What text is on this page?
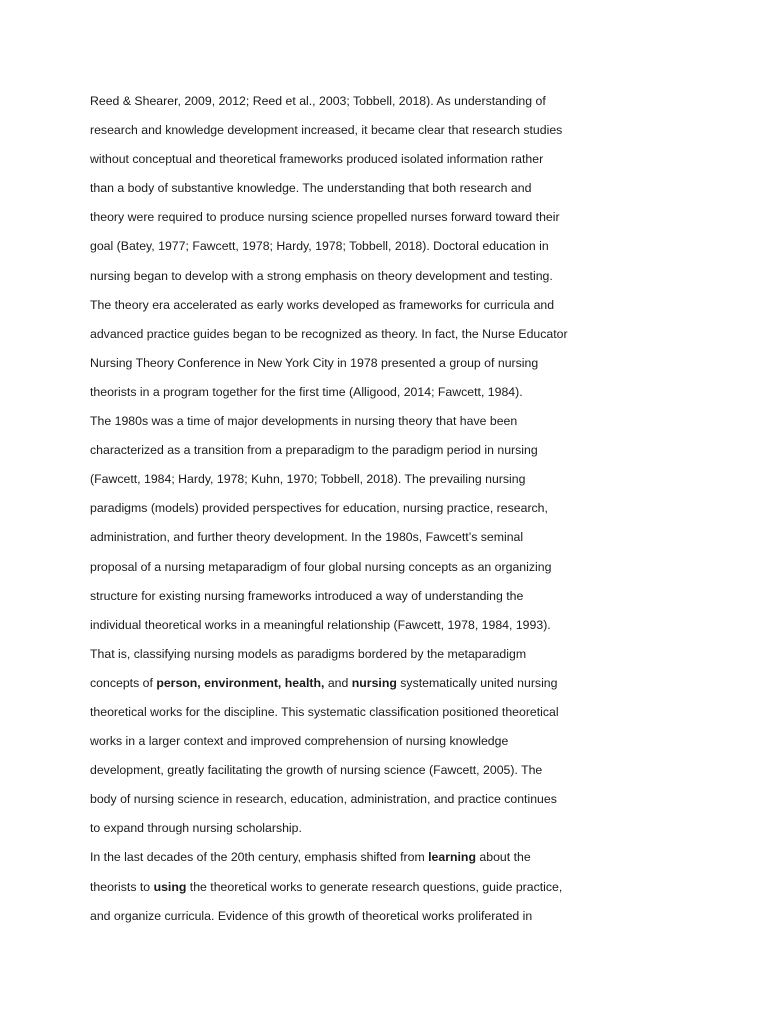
Reed & Shearer, 2009, 2012; Reed et al., 2003; Tobbell, 2018). As understanding of
research and knowledge development increased, it became clear that research studies
without conceptual and theoretical frameworks produced isolated information rather
than a body of substantive knowledge. The understanding that both research and
theory were required to produce nursing science propelled nurses forward toward their
goal (Batey, 1977; Fawcett, 1978; Hardy, 1978; Tobbell, 2018). Doctoral education in
nursing began to develop with a strong emphasis on theory development and testing.
The theory era accelerated as early works developed as frameworks for curricula and
advanced practice guides began to be recognized as theory. In fact, the Nurse Educator
Nursing Theory Conference in New York City in 1978 presented a group of nursing
theorists in a program together for the first time (Alligood, 2014; Fawcett, 1984).
The 1980s was a time of major developments in nursing theory that have been
characterized as a transition from a preparadigm to the paradigm period in nursing
(Fawcett, 1984; Hardy, 1978; Kuhn, 1970; Tobbell, 2018). The prevailing nursing
paradigms (models) provided perspectives for education, nursing practice, research,
administration, and further theory development. In the 1980s, Fawcett’s seminal
proposal of a nursing metaparadigm of four global nursing concepts as an organizing
structure for existing nursing frameworks introduced a way of understanding the
individual theoretical works in a meaningful relationship (Fawcett, 1978, 1984, 1993).
That is, classifying nursing models as paradigms bordered by the metaparadigm
concepts of person, environment, health, and nursing systematically united nursing
theoretical works for the discipline. This systematic classification positioned theoretical
works in a larger context and improved comprehension of nursing knowledge
development, greatly facilitating the growth of nursing science (Fawcett, 2005). The
body of nursing science in research, education, administration, and practice continues
to expand through nursing scholarship.
In the last decades of the 20th century, emphasis shifted from learning about the
theorists to using the theoretical works to generate research questions, guide practice,
and organize curricula. Evidence of this growth of theoretical works proliferated in
